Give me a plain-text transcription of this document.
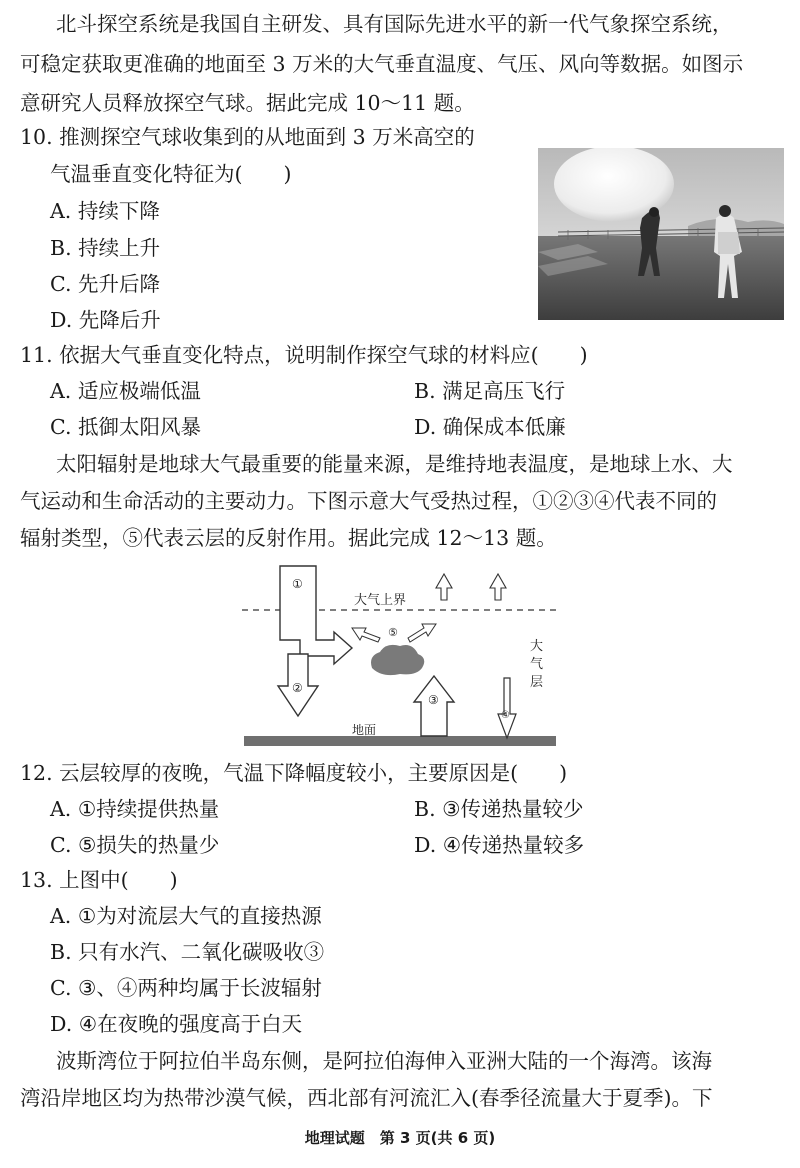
北斗探空系统是我国自主研发、具有国际先进水平的新一代气象探空系统，
可稳定获取更准确的地面至 3 万米的大气垂直温度、气压、风向等数据。如图示
意研究人员释放探空气球。据此完成 10～11 题。
10. 推测探空气球收集到的从地面到 3 万米高空的
气温垂直变化特征为(　　)
A. 持续下降
B. 持续上升
C. 先升后降
D. 先降后升
11. 依据大气垂直变化特点，说明制作探空气球的材料应(　　)
A. 适应极端低温	B. 满足高压飞行
C. 抵御太阳风暴	D. 确保成本低廉
太阳辐射是地球大气最重要的能量来源，是维持地表温度，是地球上水、大
气运动和生命活动的主要动力。下图示意大气受热过程，①②③④代表不同的
辐射类型，⑤代表云层的反射作用。据此完成 12～13 题。
大气上界
大
气
层
地面
①
②
③
④
⑤
12. 云层较厚的夜晚，气温下降幅度较小，主要原因是(　　)
A. ①持续提供热量	B. ③传递热量较少
C. ⑤损失的热量少	D. ④传递热量较多
13. 上图中(　　)
A. ①为对流层大气的直接热源
B. 只有水汽、二氧化碳吸收③
C. ③、④两种均属于长波辐射
D. ④在夜晚的强度高于白天
波斯湾位于阿拉伯半岛东侧，是阿拉伯海伸入亚洲大陆的一个海湾。该海
湾沿岸地区均为热带沙漠气候，西北部有河流汇入(春季径流量大于夏季)。下
地理试题　第 3 页(共 6 页)
